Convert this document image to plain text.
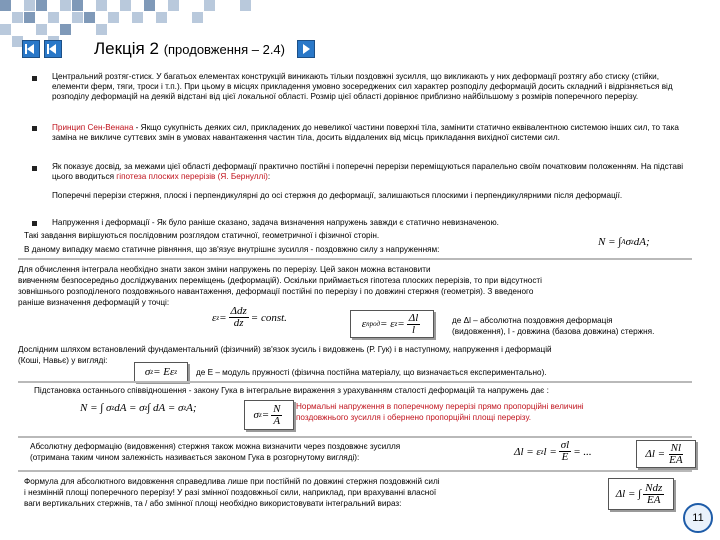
Лекція 2 (продовження – 2.4)
Центральний розтяг-стиск. У багатьох елементах конструкцій виникають тільки поздовжні зусилля, що викликають у них деформації розтягу або стиску (стійки, елементи ферм, тяги, троси і т.п.). При цьому в місцях прикладення умовно зосереджених сил характер розподілу деформацій досить складний і відрізняється від розподілу деформацій на деякій відстані від цієї локальної області. Розмір цієї області дорівнює приблизно найбільшому з розмірів поперечного перерізу.
Принцип Сен-Венана - Якщо сукупність деяких сил, прикладених до невеликої частини поверхні тіла, замінити статично еквівалентною системою інших сил, то така заміна не викличе суттєвих змін в умовах навантаження частин тіла, досить віддалених від місць прикладання вихідної системи сил.
Як показує досвід, за межами цієї області деформації практично постійні і поперечні перерізи переміщуються паралельно своїм початковим положенням. На підставі цього вводиться гіпотеза плоских перерізів (Я. Бернуллі):
Поперечні перерізи стержня, плоскі і перпендикулярні до осі стержня до деформації, залишаються плоскими і перпендикулярними після деформації.
Напруження і деформації - Як було раніше сказано, задача визначення напружень завжди є статично невизначеною.
Такі завдання вирішуються послідовним розглядом статичної, геометричної і фізичної сторін.
В даному випадку маємо статичне рівняння, що зв'язує внутрішнє зусилля - поздовжню силу з напруженням:
N = ∫ A σ z dA;
Для обчислення інтеграла необхідно знати закон зміни напружень по перерізу. Цей закон можна встановити
вивченням безпосередньо досліджуваних переміщень (деформацій). Оскільки приймається гіпотеза плоских перерізів, то при відсутності
зовнішнього розподіленого поздовжнього навантаження, деформації постійні по перерізу і по довжині стержня (геометрія). З введеного
раніше визначення деформацій у точці:
ε $z = \frac{\text{Δdz}}{dz}$ = const.
ε прод = ε $z = \frac{\Delta l}{l}$	де Δl – абсолютна поздовжня деформація
(видовження), l - довжина (базова довжина) стержня.
Дослідним шляхом встановлений фундаментальний (фізичний) зв'язок зусиль і видовжень (Р. Гук) і в наступному, напруження і деформацій
(Коші, Навьє) у вигляді:
σ z = Eε z де E – модуль пружності (фізична постійна матеріалу, що визначається експериментально).
Підстановка останнього співвідношення - закону Гука в інтегральне вираження з урахуванням сталості деформацій та напружень дає :
N = ∫ σ z dA = σ z ∫ dA = σ z A;
σ $z = \frac{N}{A}$ Нормальні напруження в поперечному перерізі прямо пропорційні величині
поздовжнього зусилля і обернено пропорційні площі перерізу.
Абсолютну деформацію (видовження) стержня також можна визначити через поздовжнє зусилля
(отримана таким чином залежність називається законом Гука в розгорнутому вигляді):	Δl = ε z $l = \frac{\sigma l}{E}$ = ...	$\Delta l = \frac{Nl}{EA}$
Формула для абсолютного видовження справедлива лише при постійній по довжині стержня поздовжній силі
і незмінній площі поперечного перерізу! У разі змінної поздовжньої сили, наприклад, при врахуванні власної
ваги вертикальних стержнів, та / або змінної площі необхідно використовувати інтегральний вираз:
Δl = ∫ $\frac{\text{Ndz}}{EA}$
11
